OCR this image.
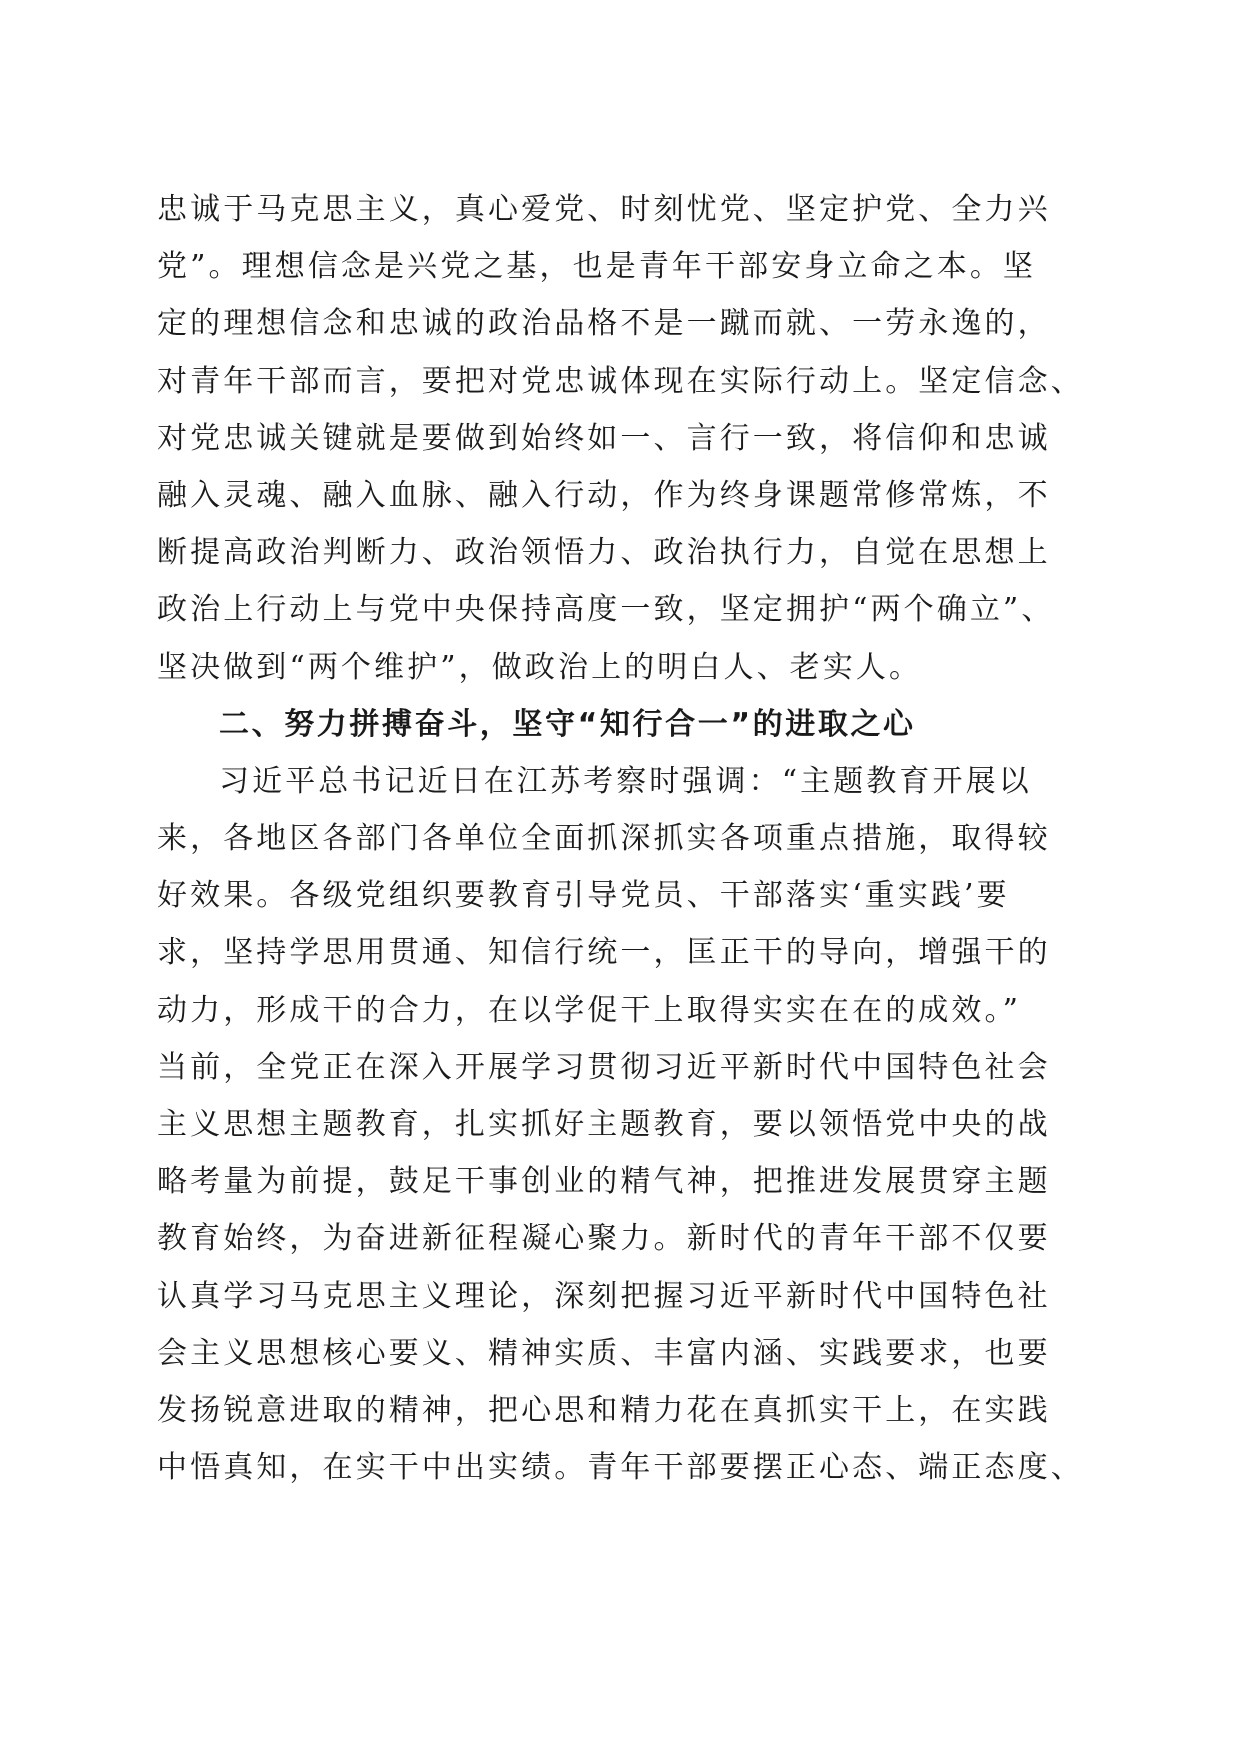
忠诚于马克思主义，真心爱党、时刻忧党、坚定护党、全力兴
党”。理想信念是兴党之基，也是青年干部安身立命之本。坚
定的理想信念和忠诚的政治品格不是一蹴而就、一劳永逸的，
对青年干部而言，要把对党忠诚体现在实际行动上。坚定信念、
对党忠诚关键就是要做到始终如一、言行一致，将信仰和忠诚
融入灵魂、融入血脉、融入行动，作为终身课题常修常炼，不
断提高政治判断力、政治领悟力、政治执行力，自觉在思想上
政治上行动上与党中央保持高度一致，坚定拥护“两个确立”、
坚决做到“两个维护”，做政治上的明白人、老实人。
二、努力拼搏奋斗，坚守“知行合一”的进取之心
习近平总书记近日在江苏考察时强调：“主题教育开展以
来，各地区各部门各单位全面抓深抓实各项重点措施，取得较
好效果。各级党组织要教育引导党员、干部落实‘重实践’要
求，坚持学思用贯通、知信行统一，匡正干的导向，增强干的
动力，形成干的合力，在以学促干上取得实实在在的成效。”
当前，全党正在深入开展学习贯彻习近平新时代中国特色社会
主义思想主题教育，扎实抓好主题教育，要以领悟党中央的战
略考量为前提，鼓足干事创业的精气神，把推进发展贯穿主题
教育始终，为奋进新征程凝心聚力。新时代的青年干部不仅要
认真学习马克思主义理论，深刻把握习近平新时代中国特色社
会主义思想核心要义、精神实质、丰富内涵、实践要求，也要
发扬锐意进取的精神，把心思和精力花在真抓实干上，在实践
中悟真知，在实干中出实绩。青年干部要摆正心态、端正态度、
